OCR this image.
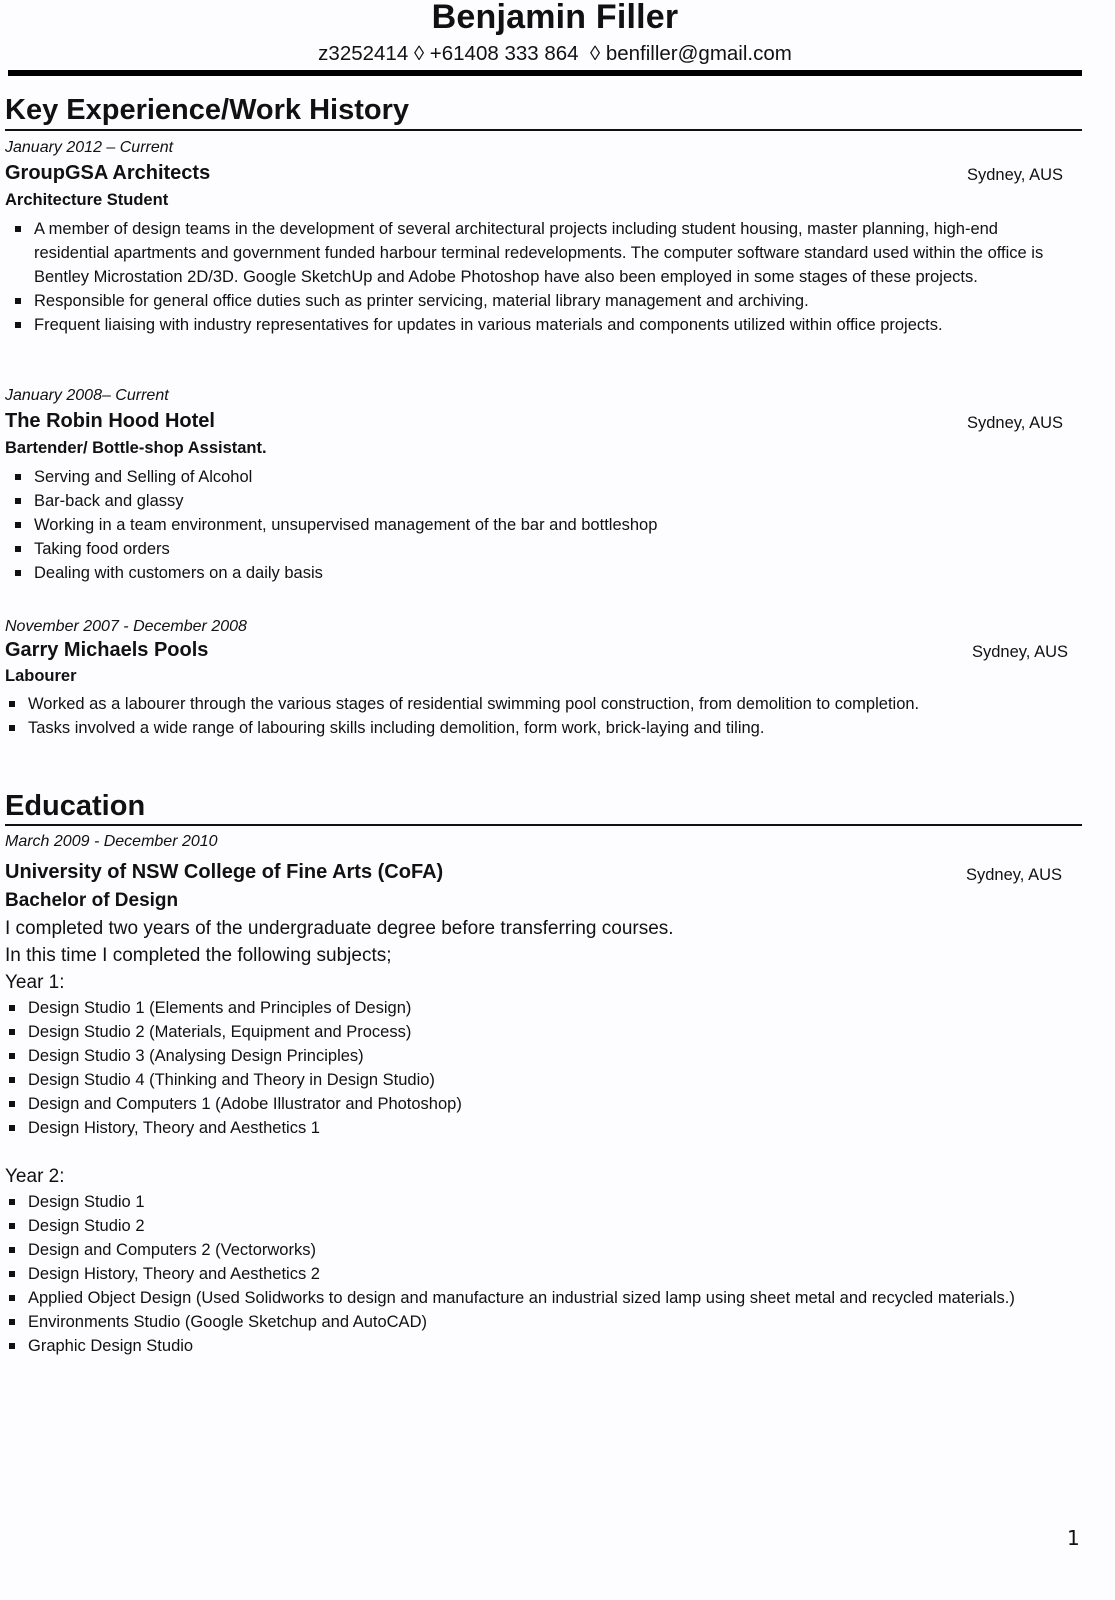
Benjamin Filler
z3252414 ◊ +61408 333 864 ◊ benfiller@gmail.com
Key Experience/Work History
January 2012 – Current
GroupGSA Architects	Sydney, AUS
Architecture Student
A member of design teams in the development of several architectural projects including student housing, master planning, high-end residential apartments and government funded harbour terminal redevelopments. The computer software standard used within the office is Bentley Microstation 2D/3D. Google SketchUp and Adobe Photoshop have also been employed in some stages of these projects.
Responsible for general office duties such as printer servicing, material library management and archiving.
Frequent liaising with industry representatives for updates in various materials and components utilized within office projects.
January 2008– Current
The Robin Hood Hotel	Sydney, AUS
Bartender/ Bottle-shop Assistant.
Serving and Selling of Alcohol
Bar-back and glassy
Working in a team environment, unsupervised management of the bar and bottleshop
Taking food orders
Dealing with customers on a daily basis
November 2007 - December 2008
Garry Michaels Pools	Sydney, AUS
Labourer
Worked as a labourer through the various stages of residential swimming pool construction, from demolition to completion.
Tasks involved a wide range of labouring skills including demolition, form work, brick-laying and tiling.
Education
March 2009 - December 2010
University of NSW College of Fine Arts (CoFA)	Sydney, AUS
Bachelor of Design
I completed two years of the undergraduate degree before transferring courses.
In this time I completed the following subjects;
Year 1:
Design Studio 1 (Elements and Principles of Design)
Design Studio 2 (Materials, Equipment and Process)
Design Studio 3 (Analysing Design Principles)
Design Studio 4 (Thinking and Theory in Design Studio)
Design and Computers 1 (Adobe Illustrator and Photoshop)
Design History, Theory and Aesthetics 1
Year 2:
Design Studio 1
Design Studio 2
Design and Computers 2 (Vectorworks)
Design History, Theory and Aesthetics 2
Applied Object Design (Used Solidworks to design and manufacture an industrial sized lamp using sheet metal and recycled materials.)
Environments Studio (Google Sketchup and AutoCAD)
Graphic Design Studio
1
